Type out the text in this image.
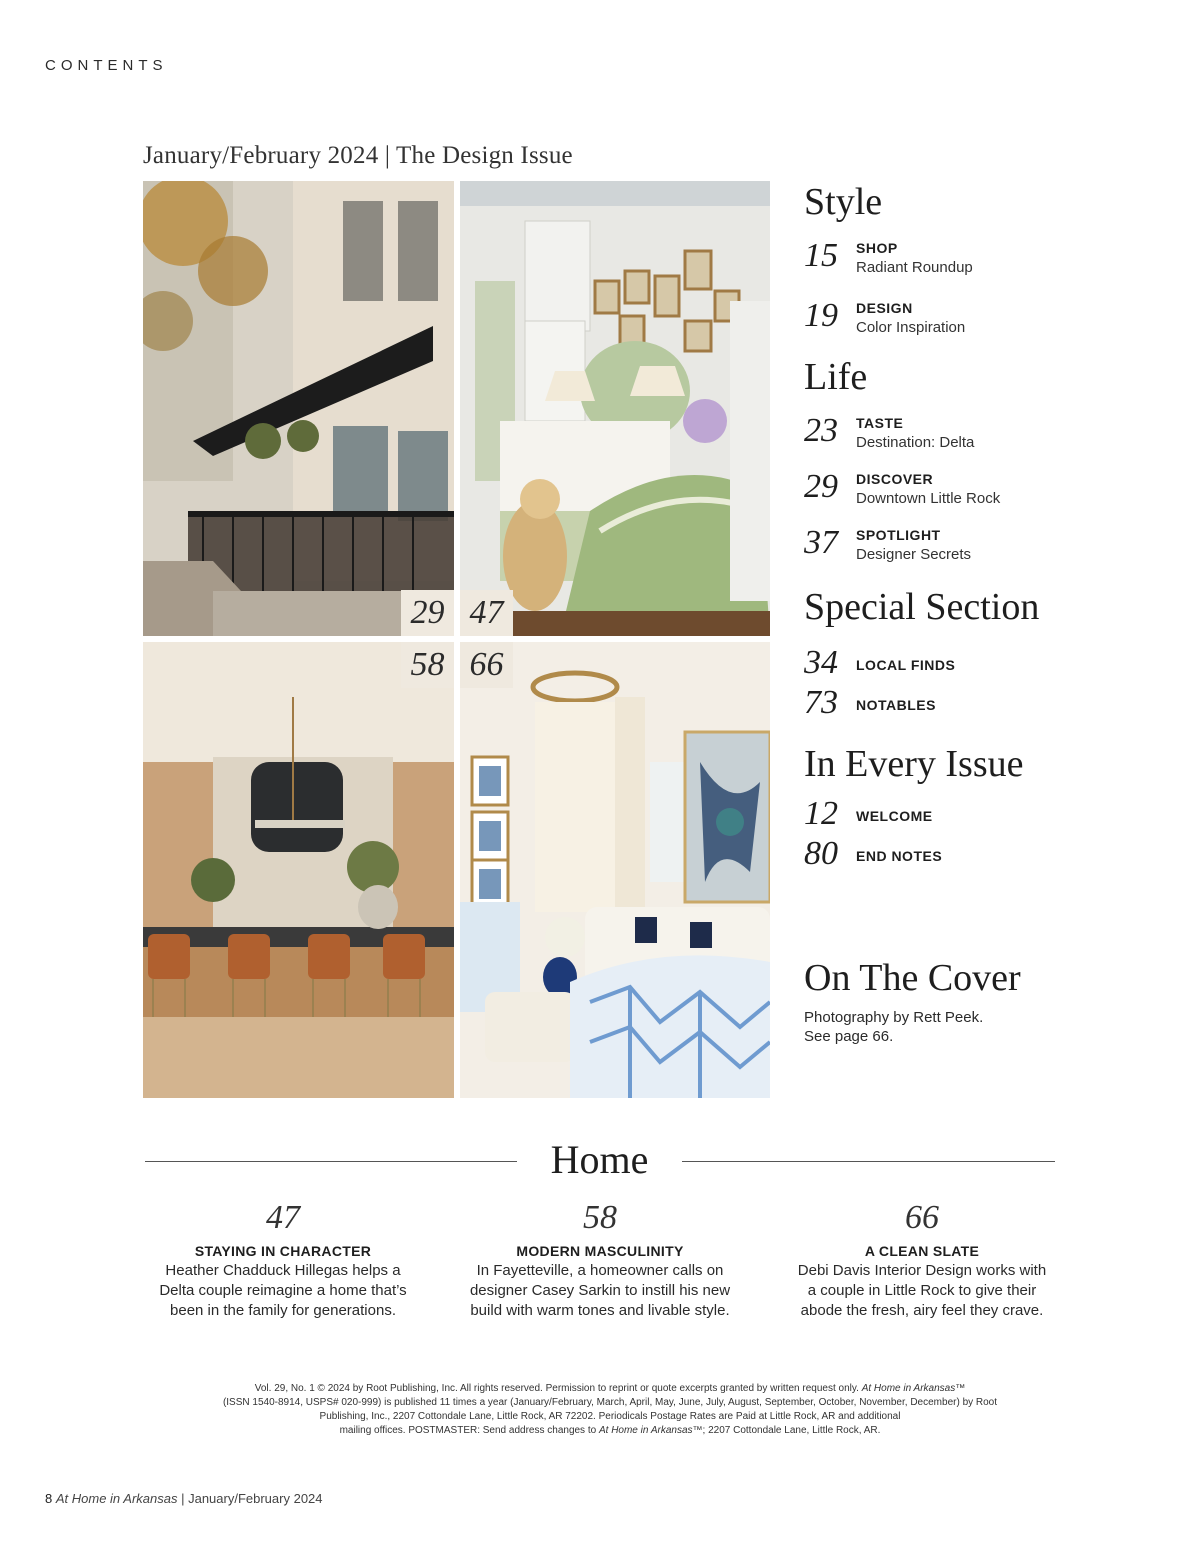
CONTENTS
January/February 2024 | The Design Issue
29 47
58 66
Style
15	SHOP
Radiant Roundup
19	DESIGN
Color Inspiration
Life
23	TASTE
Destination: Delta
29	DISCOVER
Downtown Little Rock
37	SPOTLIGHT
Designer Secrets
Special Section
34	LOCAL FINDS
73	NOTABLES
In Every Issue
12	WELCOME
80	END NOTES
On The Cover
Photography by Rett Peek.
See page 66.
Home
47
STAYING IN CHARACTER
Heather Chadduck Hillegas helps a
Delta couple reimagine a home that’s
been in the family for generations.
58
MODERN MASCULINITY
In Fayetteville, a homeowner calls on
designer Casey Sarkin to instill his new
build with warm tones and livable style.
66
A CLEAN SLATE
Debi Davis Interior Design works with
a couple in Little Rock to give their
abode the fresh, airy feel they crave.
Vol. 29, No. 1 © 2024 by Root Publishing, Inc. All rights reserved. Permission to reprint or quote excerpts granted by written request only. At Home in Arkansas™
(ISSN 1540-8914, USPS# 020-999) is published 11 times a year (January/February, March, April, May, June, July, August, September, October, November, December) by Root
Publishing, Inc., 2207 Cottondale Lane, Little Rock, AR 72202. Periodicals Postage Rates are Paid at Little Rock, AR and additional
mailing offices. POSTMASTER: Send address changes to At Home in Arkansas™; 2207 Cottondale Lane, Little Rock, AR.
8 At Home in Arkansas | January/February 2024
